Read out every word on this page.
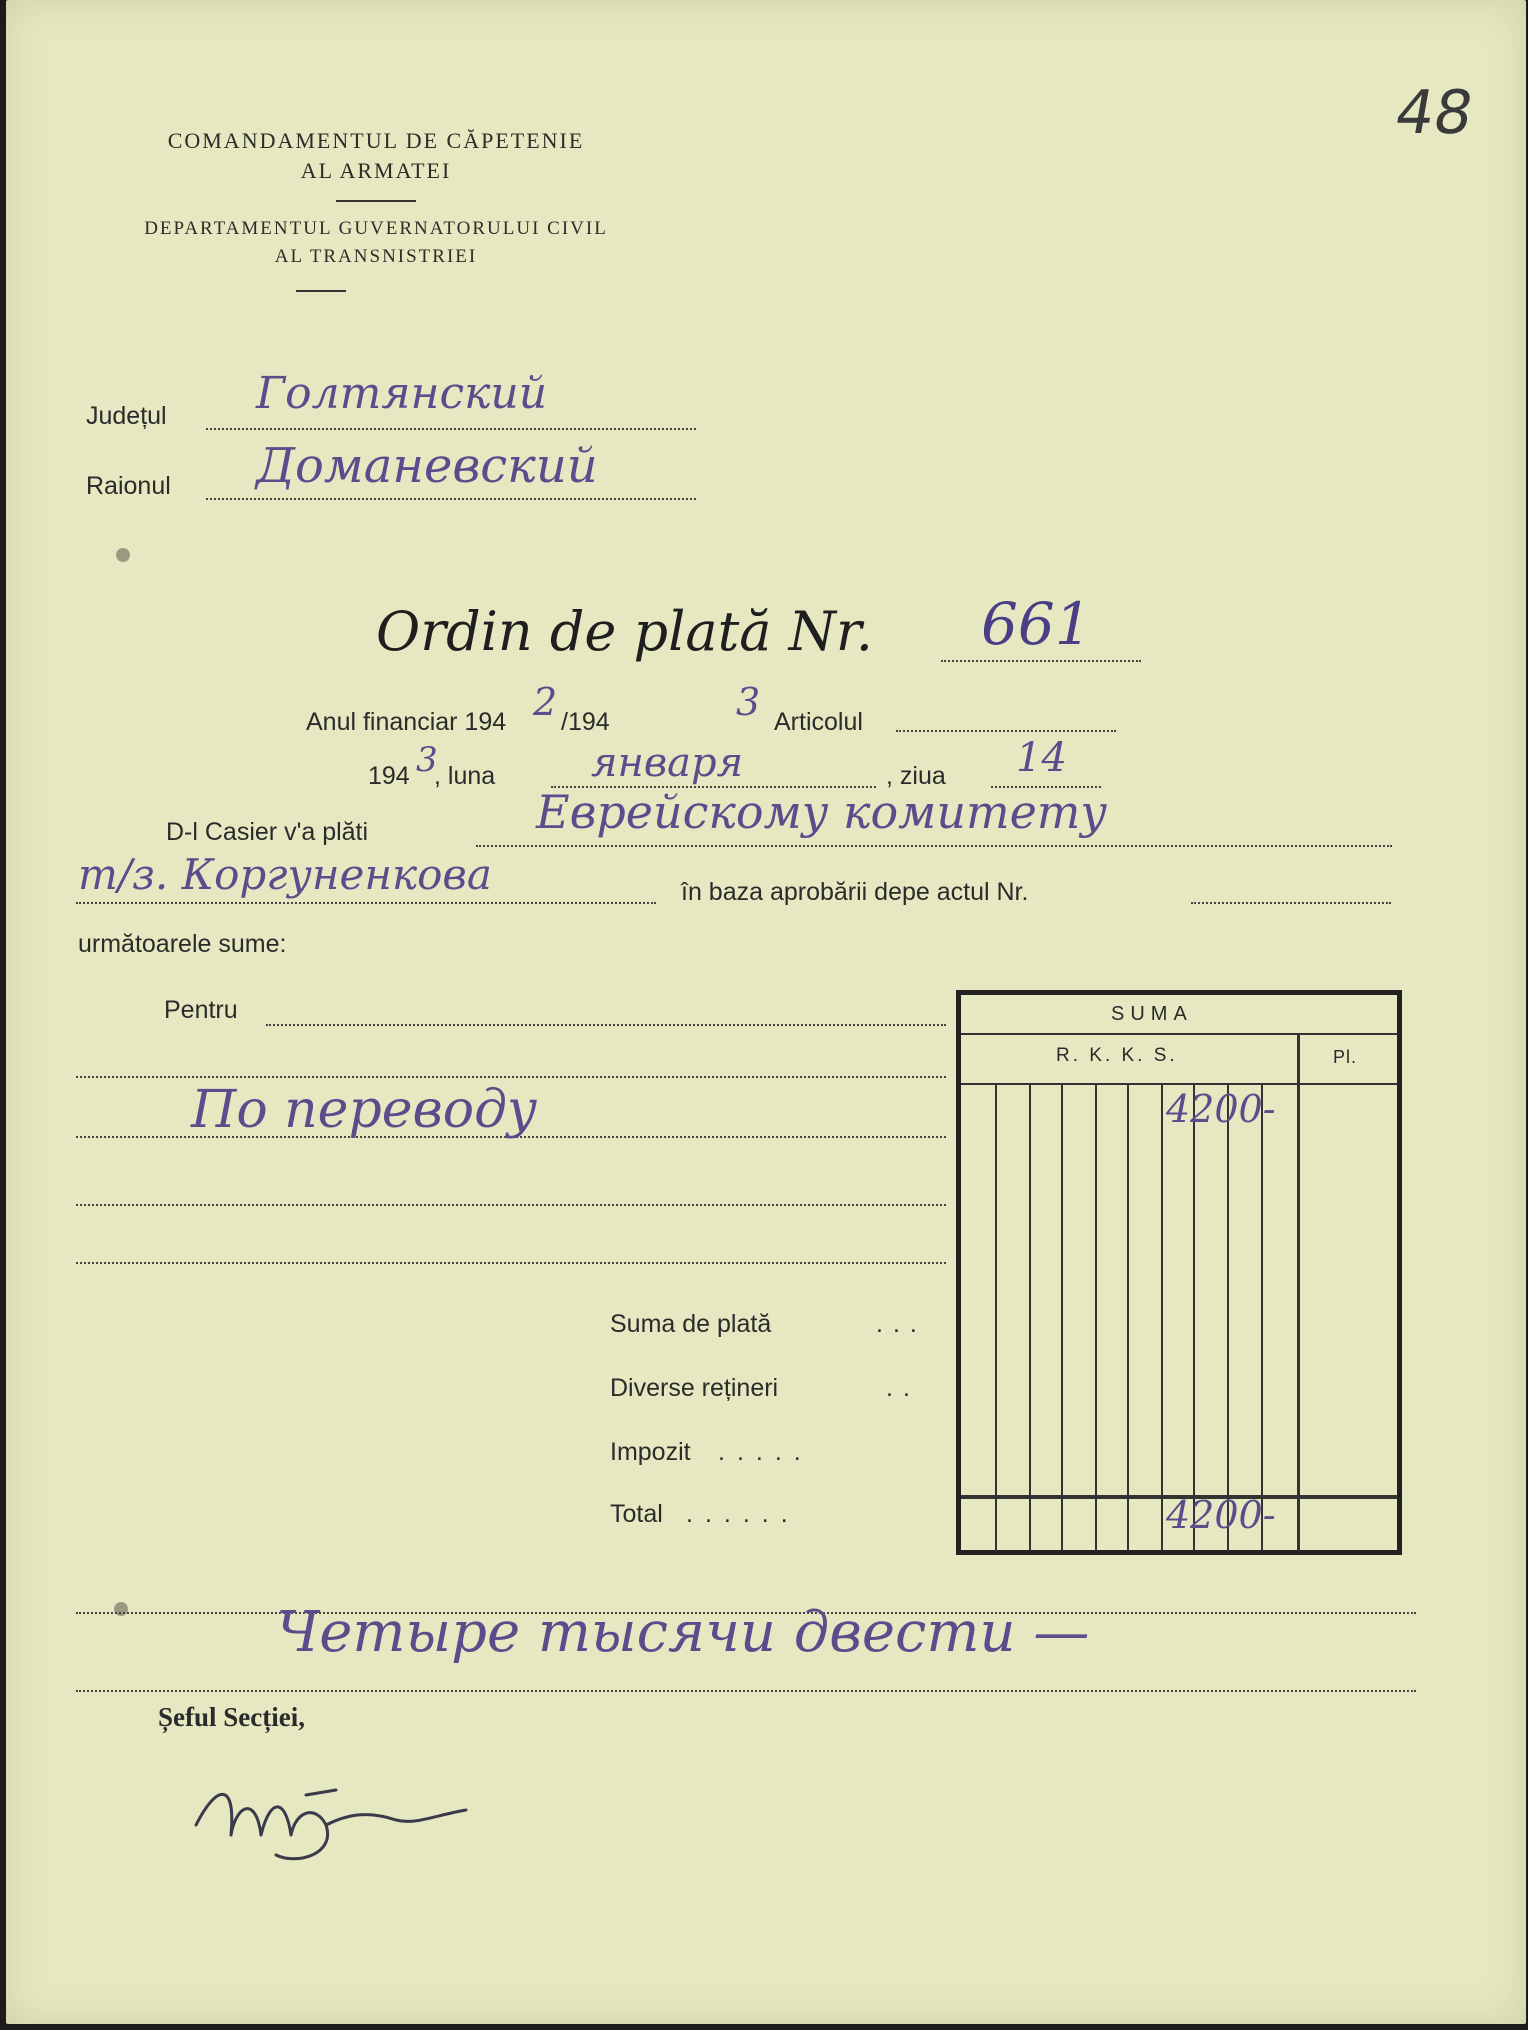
48
COMANDAMENTUL DE CĂPETENIE
AL ARMATEI
DEPARTAMENTUL GUVERNATORULUI CIVIL
AL TRANSNISTRIEI
Județul Голтянский
Raionul Доманевский
Ordin de plată Nr. 661
Anul financiar 194 2 /194	3 Articolul
194 3
, luna января	, ziua 14
D-l Casier v'a plăti	Еврейскому комитету
т/з. Коргуненкова	în baza aprobării depe actul Nr.
următoarele sume:
Pentru
По переводу
SUMA
R. K. K. S.	Pl.
4200-
4200-
Suma de plată	...
Diverse rețineri	..
Impozit .....
Total ......
Четыре тысячи двести —
Șeful Secției,
